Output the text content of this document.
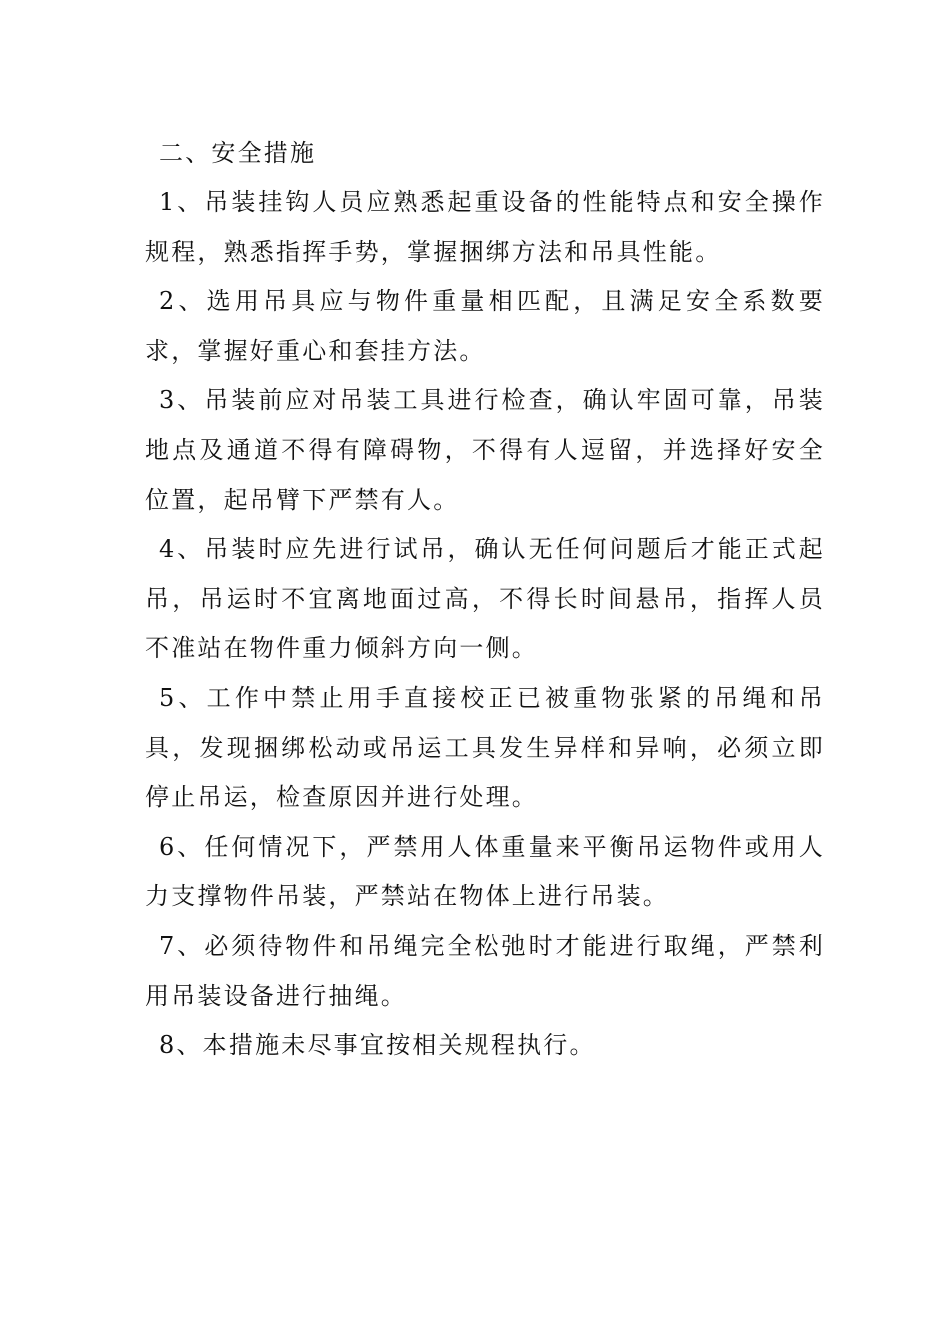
二、安全措施

1、吊装挂钩人员应熟悉起重设备的性能特点和安全操作规程，熟悉指挥手势，掌握捆绑方法和吊具性能。

2、选用吊具应与物件重量相匹配，且满足安全系数要求，掌握好重心和套挂方法。

3、吊装前应对吊装工具进行检查，确认牢固可靠，吊装地点及通道不得有障碍物，不得有人逗留，并选择好安全位置，起吊臂下严禁有人。

4、吊装时应先进行试吊，确认无任何问题后才能正式起吊，吊运时不宜离地面过高，不得长时间悬吊，指挥人员不准站在物件重力倾斜方向一侧。

5、工作中禁止用手直接校正已被重物张紧的吊绳和吊具，发现捆绑松动或吊运工具发生异样和异响，必须立即停止吊运，检查原因并进行处理。

6、任何情况下，严禁用人体重量来平衡吊运物件或用人力支撑物件吊装，严禁站在物体上进行吊装。

7、必须待物件和吊绳完全松弛时才能进行取绳，严禁利用吊装设备进行抽绳。

8、本措施未尽事宜按相关规程执行。
